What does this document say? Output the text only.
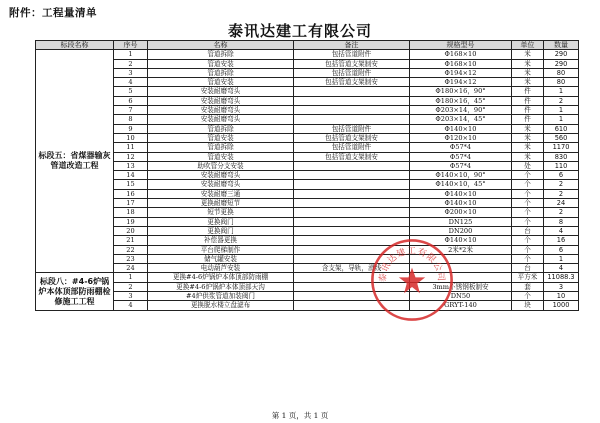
附件：工程量清单
泰讯达建工有限公司
标段名称	序号	名称	备注	规格型号	单位	数量
标段五：省煤器输灰管道改造工程	1	管道拆除	包括管道附件	Φ168×10	米	290
	2	管道安装	包括管道支架制安	Φ168×10	米	290
	3	管道拆除	包括管道附件	Φ194×12	米	80
	4	管道安装	包括管道支架制安	Φ194×12	米	80
	5	安装耐磨弯头		Φ180×16，90°	件	1
	6	安装耐磨弯头		Φ180×16，45°	件	2
	7	安装耐磨弯头		Φ203×14，90°	件	1
	8	安装耐磨弯头		Φ203×14，45°	件	1
	9	管道拆除	包括管道附件	Φ140×10	米	610
	10	管道安装	包括管道支架制安	Φ120×10	米	560
	11	管道拆除	包括管道附件	Φ57*4	米	1170
	12	管道安装	包括管道支架制安	Φ57*4	米	830
	13	助吹管分支安装		Φ57*4	处	110
	14	安装耐磨弯头		Φ140×10，90°	个	6
	15	安装耐磨弯头		Φ140×10，45°	个	2
	16	安装耐磨三通		Φ140×10	个	2
	17	更换耐磨短节		Φ140×10	个	24
	18	短节更换		Φ200×10	个	2
	19	更换阀门		DN125	个	8
	20	更换阀门		DN200	台	4
	21	补偿器更换		Φ140×10	个	16
	22	平台爬梯制作		2米*2米	个	6
	23	储气罐安装			个	1
	24	电动葫芦安装	含支架，导轨，滑线		台	4
标段八：#4-6炉锅炉本体顶部防雨棚检修施工工程	1	更换#4-6炉锅炉本体顶部防雨棚			平方米	11088.3
	2	更换#4-6炉锅炉本体顶部天沟		3mm不锈钢板制安	套	3
	3	#4炉供浆管道加装阀门		DN50	个	10
	4	更换脱水楼立盘滤布		GRYT-140	块	1000
泰讯达建工有限公司
第 1 页，共 1 页
